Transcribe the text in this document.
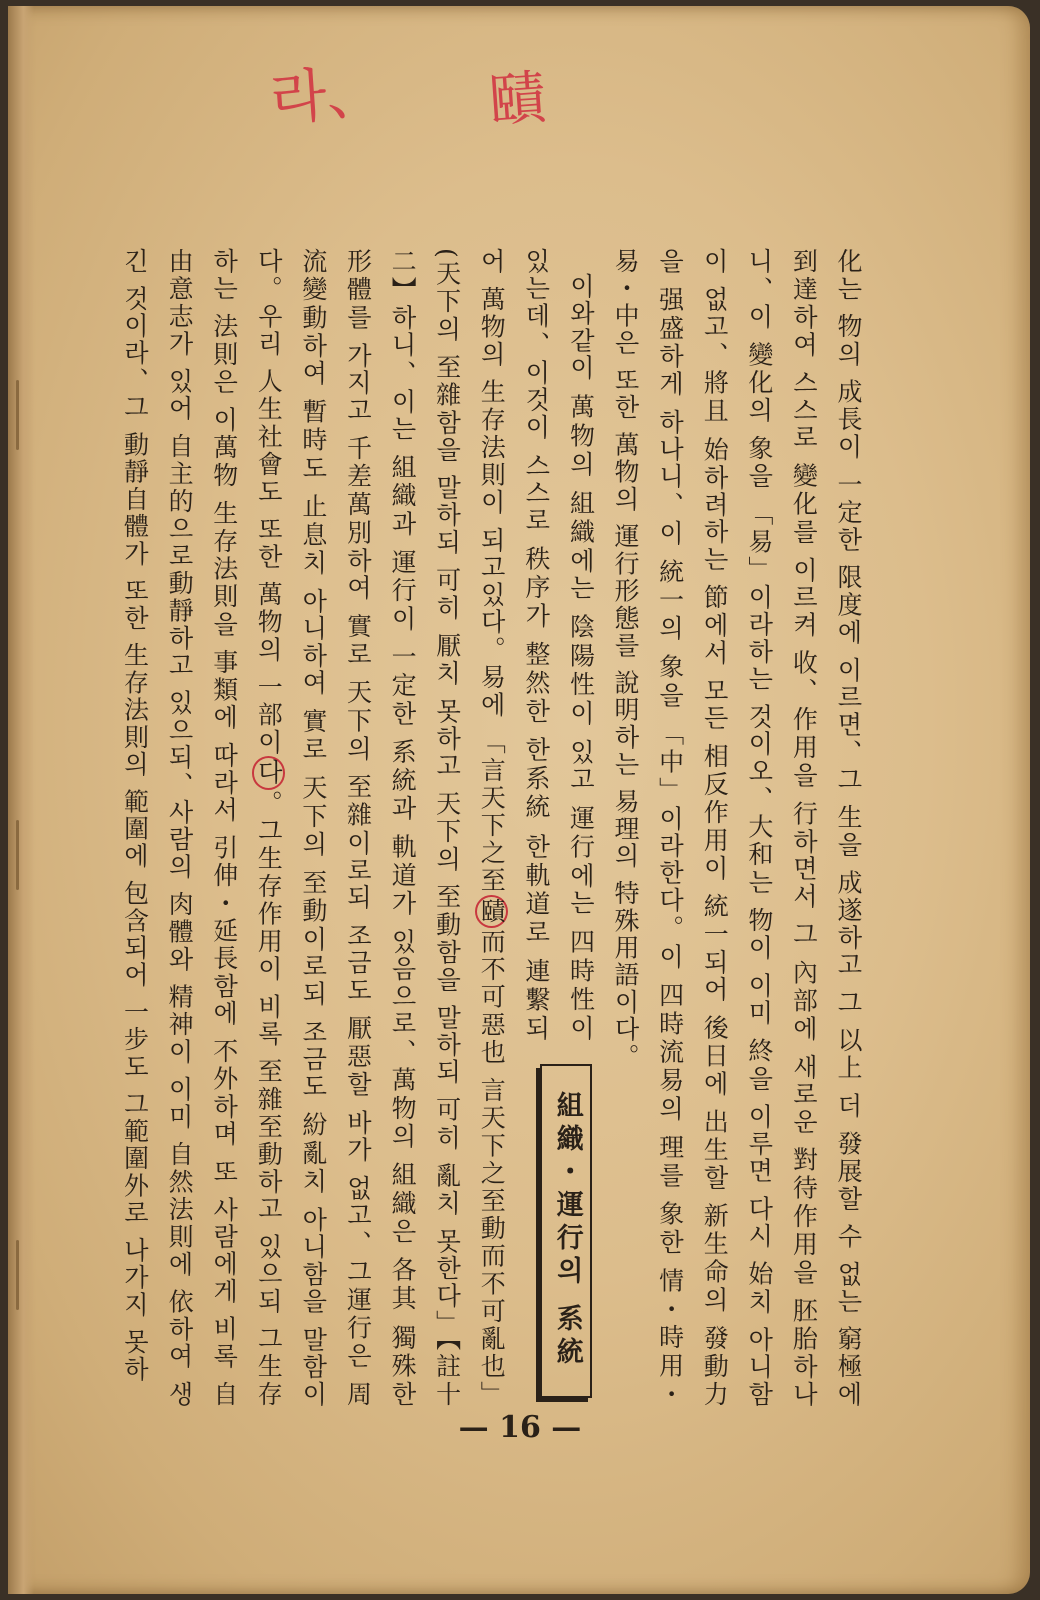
라、 賾

化는 物의 成長이 一定한 限度에 이르면、그 生을 成遂하고 그 以上 더 發展할 수 없는 窮極에 到達하여 스스로 變化를 이르켜 收、作用을 行하면서 그 內部에 새로운 對待作用을 胚胎하나니、이 變化의 象을 「易」이라하는 것이오、大和는 物이 이미 終을 이루면 다시 始치 아니함이 없고、將且 始하려하는 節에서 모든 相反作用이 統一되어 後日에 出生할 新生命의 發動力을 强盛하게 하나니、이 統一의 象을 「中」이라한다。이 四時流易의 理를 象한 情・時用・易・中은 또한 萬物의 運行形態를 說明하는 易理의 特殊用語이다。

組織・運行의 系統

이와같이 萬物의 組織에는 陰陽性이 있고 運行에는 四時性이 있는데、이것이 스스로 秩序가 整然한 한系統 한軌道로 連繫되어 萬物의 生存法則이 되고있다。易에 「言天下之至賾而不可惡也 言天下之至動而不可亂也」(天下의 至雜함을 말하되 可히 厭치 못하고 天下의 至動함을 말하되 可히 亂치 못한다」【註十二】하니、이는 組織과 運行이 一定한 系統과 軌道가 있음으로、萬物의 組織은 各其 獨殊한 形體를 가지고 千差萬別하여 實로 天下의 至雜이로되 조금도 厭惡할 바가 없고、그運行은 周流變動하여 暫時도 止息치 아니하여 實로 天下의 至動이로되 조금도 紛亂치 아니함을 말함이다。우리 人生社會도 또한 萬物의 一部이다。그生存作用이 비록 至雜至動하고 있으되 그生存하는 法則은 이萬物 生存法則을 事類에 따라서 引伸・延長함에 不外하며 또 사람에게 비록 自由意志가 있어 自主的으로動靜하고 있으되、사람의 肉體와 精神이 이미 自然法則에 依하여 생긴 것이라、그 動靜自體가 또한 生存法則의 範圍에 包含되어 一步도 그範圍外로 나가지 못하

— 16 —
